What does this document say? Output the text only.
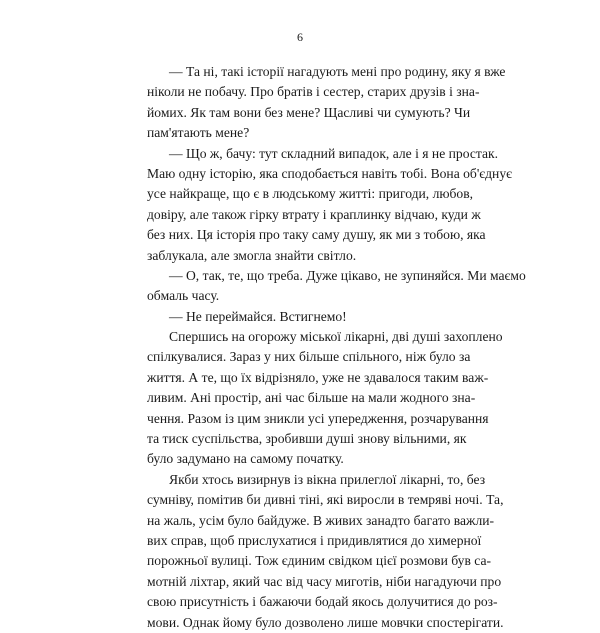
6
— Та ні, такі історії нагадують мені про родину, яку я вже
ніколи не побачу. Про братів і сестер, старих друзів і зна-
йомих. Як там вони без мене? Щасливі чи сумують? Чи
пам'ятають мене?
— Що ж, бачу: тут складний випадок, але і я не простак.
Маю одну історію, яка сподобається навіть тобі. Вона об'єднує
усе найкраще, що є в людському житті: пригоди, любов,
довіру, але також гірку втрату і краплинку відчаю, куди ж
без них. Ця історія про таку саму душу, як ми з тобою, яка
заблукала, але змогла знайти світло.
— О, так, те, що треба. Дуже цікаво, не зупиняйся. Ми маємо
обмаль часу.
— Не переймайся. Встигнемо!
Спершись на огорожу міської лікарні, дві душі захоплено
спілкувалися. Зараз у них більше спільного, ніж було за
життя. А те, що їх відрізняло, уже не здавалося таким важ-
ливим. Ані простір, ані час більше на мали жодного зна-
чення. Разом із цим зникли усі упередження, розчарування
та тиск суспільства, зробивши душі знову вільними, як
було задумано на самому початку.
Якби хтось визирнув із вікна прилеглої лікарні, то, без
сумніву, помітив би дивні тіні, які виросли в темряві ночі. Та,
на жаль, усім було байдуже. В живих занадто багато важли-
вих справ, щоб прислухатися і придивлятися до химерної
порожньої вулиці. Тож єдиним свідком цієї розмови був са-
мотній ліхтар, який час від часу миготів, ніби нагадуючи про
свою присутність і бажаючи бодай якось долучитися до роз-
мови. Однак йому було дозволено лише мовчки спостерігати.
